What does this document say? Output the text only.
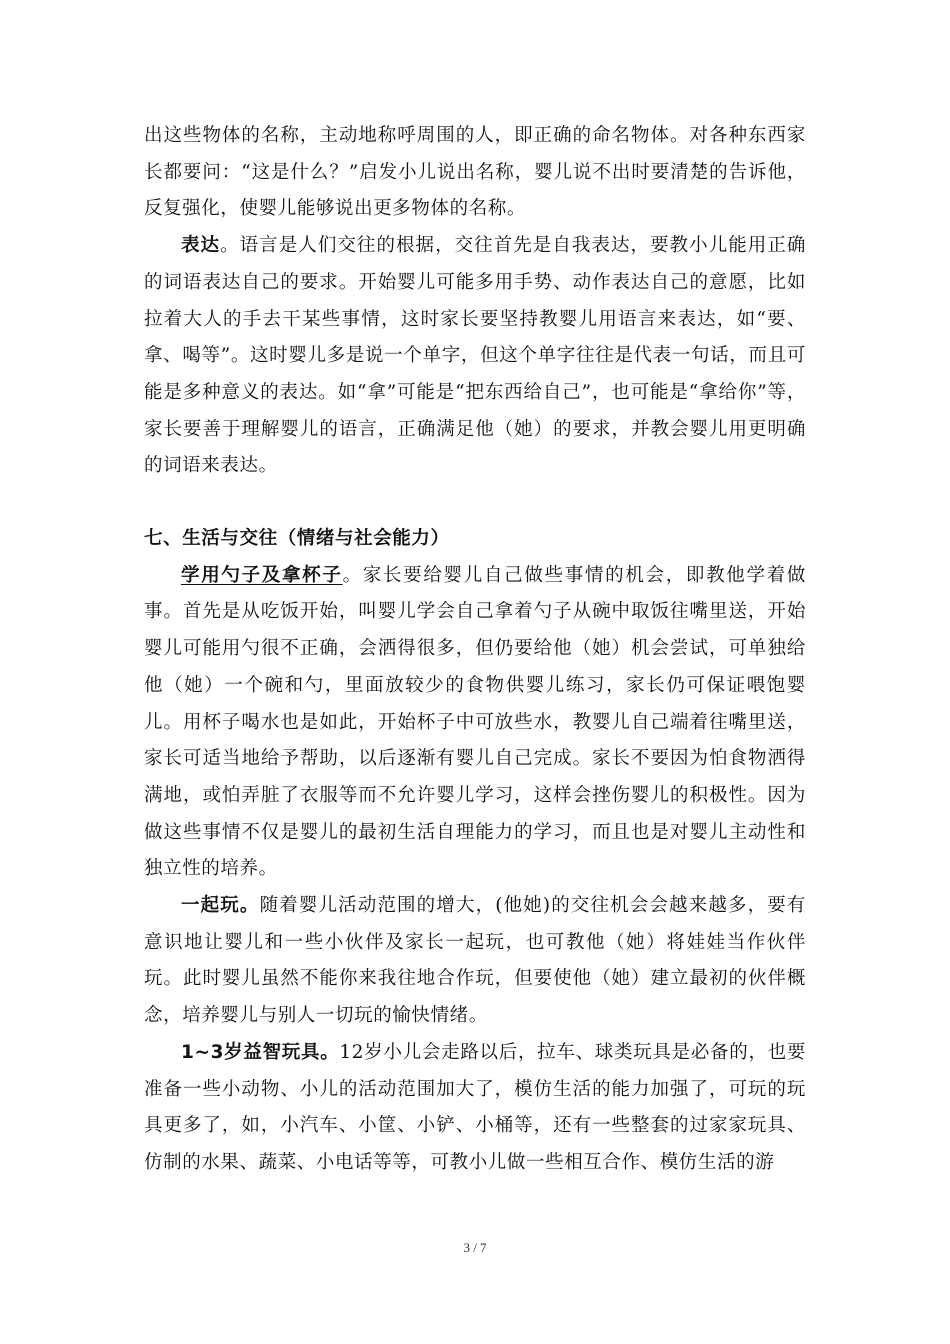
出这些物体的名称，主动地称呼周围的人，即正确的命名物体。对各种东西家长都要问：“这是什么？”启发小儿说出名称，婴儿说不出时要清楚的告诉他，反复强化，使婴儿能够说出更多物体的名称。

表达。语言是人们交往的根据，交往首先是自我表达，要教小儿能用正确的词语表达自己的要求。开始婴儿可能多用手势、动作表达自己的意愿，比如拉着大人的手去干某些事情，这时家长要坚持教婴儿用语言来表达，如“要、拿、喝等”。这时婴儿多是说一个单字，但这个单字往往是代表一句话，而且可能是多种意义的表达。如“拿”可能是“把东西给自己”，也可能是“拿给你”等，家长要善于理解婴儿的语言，正确满足他（她）的要求，并教会婴儿用更明确的词语来表达。

七、生活与交往（情绪与社会能力）

学用勺子及拿杯子。家长要给婴儿自己做些事情的机会，即教他学着做事。首先是从吃饭开始，叫婴儿学会自己拿着勺子从碗中取饭往嘴里送，开始婴儿可能用勺很不正确，会洒得很多，但仍要给他（她）机会尝试，可单独给他（她）一个碗和勺，里面放较少的食物供婴儿练习，家长仍可保证喂饱婴儿。用杯子喝水也是如此，开始杯子中可放些水，教婴儿自己端着往嘴里送，家长可适当地给予帮助，以后逐渐有婴儿自己完成。家长不要因为怕食物洒得满地，或怕弄脏了衣服等而不允许婴儿学习，这样会挫伤婴儿的积极性。因为做这些事情不仅是婴儿的最初生活自理能力的学习，而且也是对婴儿主动性和独立性的培养。

一起玩。随着婴儿活动范围的增大，(他她)的交往机会会越来越多，要有意识地让婴儿和一些小伙伴及家长一起玩，也可教他（她）将娃娃当作伙伴玩。此时婴儿虽然不能你来我往地合作玩，但要使他（她）建立最初的伙伴概念，培养婴儿与别人一切玩的愉快情绪。

1~3岁益智玩具。12岁小儿会走路以后，拉车、球类玩具是必备的，也要准备一些小动物、小儿的活动范围加大了，模仿生活的能力加强了，可玩的玩具更多了，如，小汽车、小筐、小铲、小桶等，还有一些整套的过家家玩具、仿制的水果、蔬菜、小电话等等，可教小儿做一些相互合作、模仿生活的游

3 / 7
